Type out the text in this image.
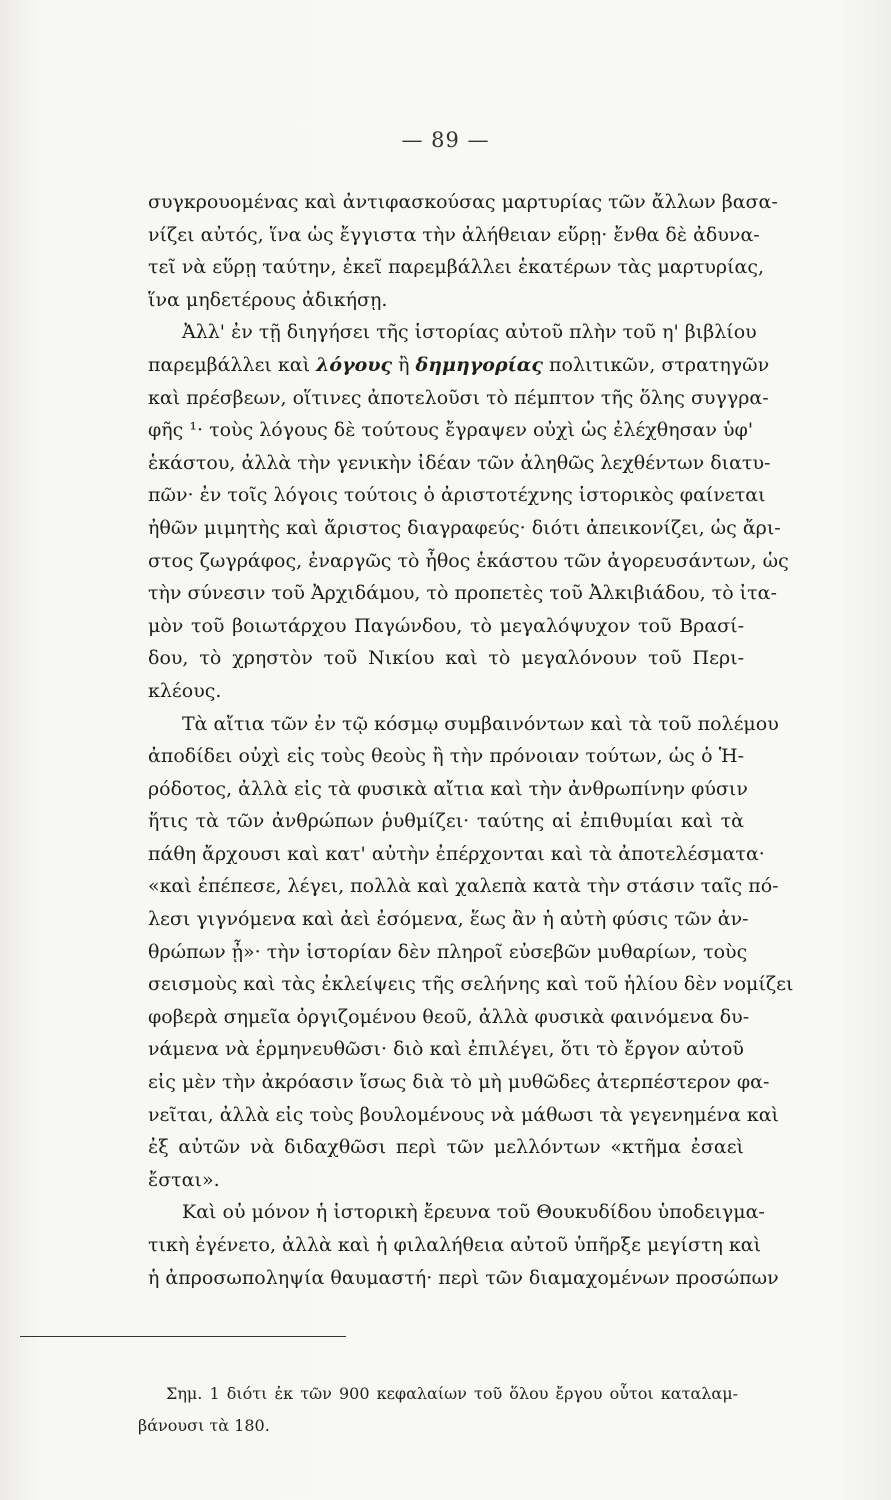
— 89 —
συγκρουομένας καὶ ἀντιφασκούσας μαρτυρίας τῶν ἄλλων βασα-
νίζει αὐτός, ἵνα ὡς ἔγγιστα τὴν ἀλήθειαν εὕρῃ· ἔνθα δὲ ἀδυνα-
τεῖ νὰ εὕρῃ ταύτην, ἐκεῖ παρεμβάλλει ἑκατέρων τὰς μαρτυρίας,
ἵνα μηδετέρους ἀδικήσῃ.
Ἀλλ' ἐν τῇ διηγήσει τῆς ἱστορίας αὐτοῦ πλὴν τοῦ η' βιβλίου
παρεμβάλλει καὶ λόγους ἢ δημηγορίας πολιτικῶν, στρατηγῶν
καὶ πρέσβεων, οἵτινες ἀποτελοῦσι τὸ πέμπτον τῆς ὅλης συγγρα-
φῆς ¹· τοὺς λόγους δὲ τούτους ἔγραψεν οὐχὶ ὡς ἐλέχθησαν ὑφ'
ἑκάστου, ἀλλὰ τὴν γενικὴν ἰδέαν τῶν ἀληθῶς λεχθέντων διατυ-
πῶν· ἐν τοῖς λόγοις τούτοις ὁ ἀριστοτέχνης ἱστορικὸς φαίνεται
ἠθῶν μιμητὴς καὶ ἄριστος διαγραφεύς· διότι ἀπεικονίζει, ὡς ἄρι-
στος ζωγράφος, ἐναργῶς τὸ ἦθος ἑκάστου τῶν ἀγορευσάντων, ὡς
τὴν σύνεσιν τοῦ Ἀρχιδάμου, τὸ προπετὲς τοῦ Ἀλκιβιάδου, τὸ ἰτα-
μὸν τοῦ βοιωτάρχου Παγώνδου, τὸ μεγαλόψυχον τοῦ Βρασί-
δου, τὸ χρηστὸν τοῦ Νικίου καὶ τὸ μεγαλόνουν τοῦ Περι-
κλέους.
Τὰ αἴτια τῶν ἐν τῷ κόσμῳ συμβαινόντων καὶ τὰ τοῦ πολέμου
ἀποδίδει οὐχὶ εἰς τοὺς θεοὺς ἢ τὴν πρόνοιαν τούτων, ὡς ὁ Ἡ-
ρόδοτος, ἀλλὰ εἰς τὰ φυσικὰ αἴτια καὶ τὴν ἀνθρωπίνην φύσιν
ἥτις τὰ τῶν ἀνθρώπων ῥυθμίζει· ταύτης αἱ ἐπιθυμίαι καὶ τὰ
πάθη ἄρχουσι καὶ κατ' αὐτὴν ἐπέρχονται καὶ τὰ ἀποτελέσματα·
«καὶ ἐπέπεσε, λέγει, πολλὰ καὶ χαλεπὰ κατὰ τὴν στάσιν ταῖς πό-
λεσι γιγνόμενα καὶ ἀεὶ ἐσόμενα, ἕως ἂν ἡ αὐτὴ φύσις τῶν ἀν-
θρώπων ᾖ»· τὴν ἱστορίαν δὲν πληροῖ εὐσεβῶν μυθαρίων, τοὺς
σεισμοὺς καὶ τὰς ἐκλείψεις τῆς σελήνης καὶ τοῦ ἡλίου δὲν νομίζει
φοβερὰ σημεῖα ὀργιζομένου θεοῦ, ἀλλὰ φυσικὰ φαινόμενα δυ-
νάμενα νὰ ἑρμηνευθῶσι· διὸ καὶ ἐπιλέγει, ὅτι τὸ ἔργον αὐτοῦ
εἰς μὲν τὴν ἀκρόασιν ἴσως διὰ τὸ μὴ μυθῶδες ἀτερπέστερον φα-
νεῖται, ἀλλὰ εἰς τοὺς βουλομένους νὰ μάθωσι τὰ γεγενημένα καὶ
ἐξ αὐτῶν νὰ διδαχθῶσι περὶ τῶν μελλόντων «κτῆμα ἐσαεὶ
ἔσται».
Καὶ οὐ μόνον ἡ ἱστορικὴ ἔρευνα τοῦ Θουκυδίδου ὑποδειγμα-
τικὴ ἐγένετο, ἀλλὰ καὶ ἡ φιλαλήθεια αὐτοῦ ὑπῆρξε μεγίστη καὶ
ἡ ἀπροσωποληψία θαυμαστή· περὶ τῶν διαμαχομένων προσώπων
Σημ. 1 διότι ἐκ τῶν 900 κεφαλαίων τοῦ ὅλου ἔργου οὗτοι καταλαμ-
βάνουσι τὰ 180.
